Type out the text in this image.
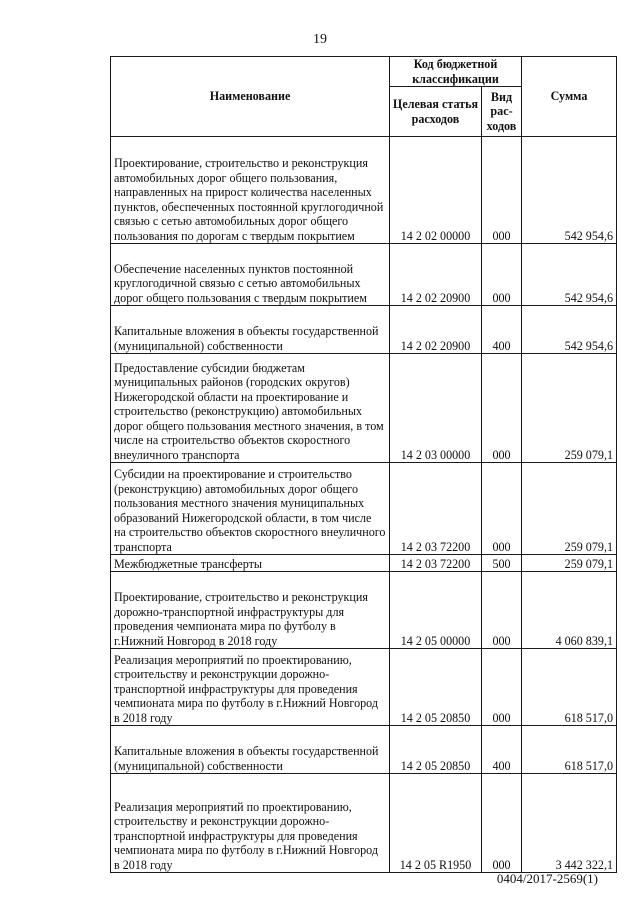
19
Наименование	Код бюджетной классификации		Сумма
	Целевая статья расходов	Вид рас- ходов	
Проектирование, строительство и реконструкция автомобильных дорог общего пользования, направленных на прирост количества населенных пунктов, обеспеченных постоянной круглогодичной связью с сетью автомобильных дорог общего пользования по дорогам с твердым покрытием	14 2 02 00000	000	542 954,6
Обеспечение населенных пунктов постоянной круглогодичной связью с сетью автомобильных дорог общего пользования с твердым покрытием	14 2 02 20900	000	542 954,6
Капитальные вложения в объекты государственной (муниципальной) собственности	14 2 02 20900	400	542 954,6
Предоставление субсидии бюджетам муниципальных районов (городских округов) Нижегородской области на проектирование и строительство (реконструкцию) автомобильных дорог общего пользования местного значения, в том числе на строительство объектов скоростного внеуличного транспорта	14 2 03 00000	000	259 079,1
Субсидии на проектирование и строительство (реконструкцию) автомобильных дорог общего пользования местного значения муниципальных образований Нижегородской области, в том числе на строительство объектов скоростного внеуличного транспорта	14 2 03 72200	000	259 079,1
Межбюджетные трансферты	14 2 03 72200	500	259 079,1
Проектирование, строительство и реконструкция дорожно-транспортной инфраструктуры для проведения чемпионата мира по футболу в г.Нижний Новгород в 2018 году	14 2 05 00000	000	4 060 839,1
Реализация мероприятий по проектированию, строительству и реконструкции дорожно-транспортной инфраструктуры для проведения чемпионата мира по футболу в г.Нижний Новгород в 2018 году	14 2 05 20850	000	618 517,0
Капитальные вложения в объекты государственной (муниципальной) собственности	14 2 05 20850	400	618 517,0
Реализация мероприятий по проектированию, строительству и реконструкции дорожно-транспортной инфраструктуры для проведения чемпионата мира по футболу в г.Нижний Новгород в 2018 году	14 2 05 R1950	000	3 442 322,1
0404/2017-2569(1)
